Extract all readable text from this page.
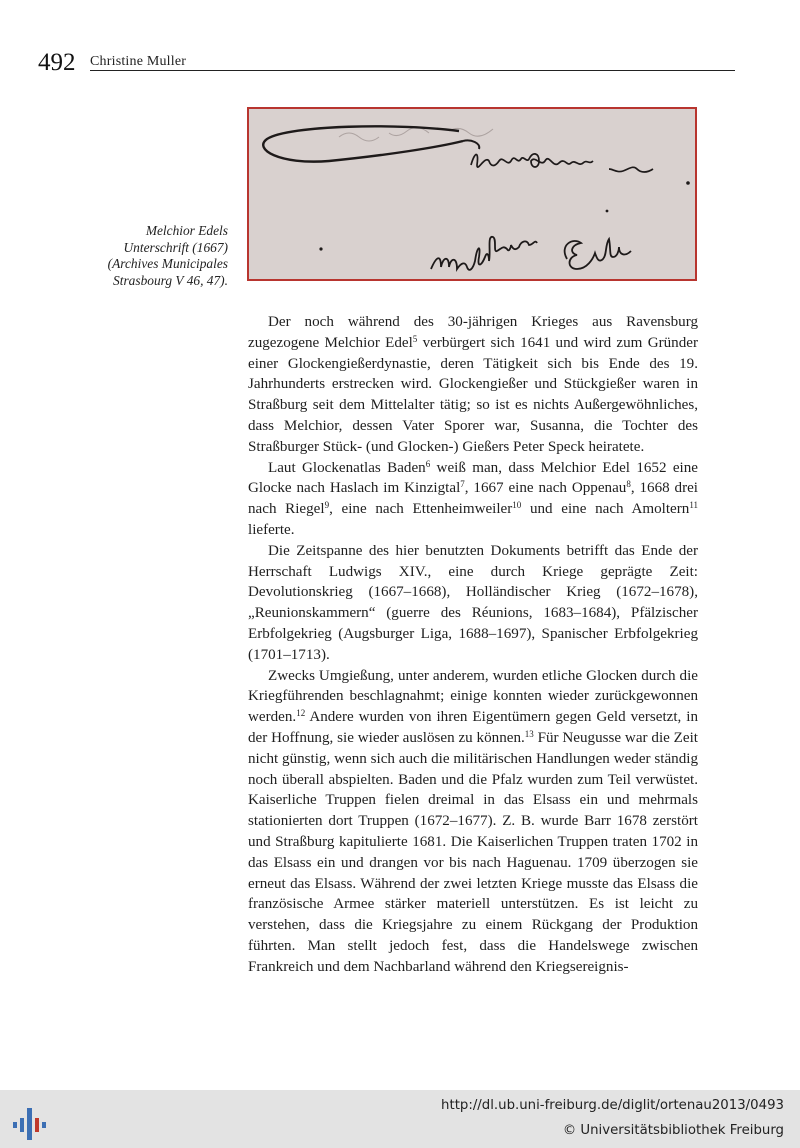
492 Christine Muller
Melchior Edels
Unterschrift (1667)
(Archives Municipales
Strasbourg V 46, 47).

Der noch während des 30-jährigen Krieges aus Ravensburg zugezogene Melchior Edel$^5$ verbürgert sich 1641 und wird zum Gründer einer Glockengießerdynastie, deren Tätigkeit sich bis Ende des 19. Jahrhunderts erstrecken wird. Glockengießer und Stückgießer waren in Straßburg seit dem Mittelalter tätig; so ist es nichts Außergewöhnliches, dass Melchior, dessen Vater Sporer war, Susanna, die Tochter des Straßburger Stück- (und Glocken-) Gießers Peter Speck heiratete.

Laut Glockenatlas Baden$^6$ weiß man, dass Melchior Edel 1652 eine Glocke nach Haslach im Kinzigtal$^7$, 1667 eine nach Oppenau$^8$, 1668 drei nach Riegel$^9$, eine nach Ettenheimweiler$^{10}$ und eine nach Amoltern$^{11}$ lieferte.

Die Zeitspanne des hier benutzten Dokuments betrifft das Ende der Herrschaft Ludwigs XIV., eine durch Kriege geprägte Zeit: Devolutionskrieg (1667–1668), Holländischer Krieg (1672–1678), „Reunionskammern“ (guerre des Réunions, 1683–1684), Pfälzischer Erbfolgekrieg (Augsburger Liga, 1688–1697), Spanischer Erbfolgekrieg (1701–1713).

Zwecks Umgießung, unter anderem, wurden etliche Glocken durch die Kriegführenden beschlagnahmt; einige konnten wieder zurückgewonnen werden.$^{12}$ Andere wurden von ihren Eigentümern gegen Geld versetzt, in der Hoffnung, sie wieder auslösen zu können.$^{13}$ Für Neugusse war die Zeit nicht günstig, wenn sich auch die militärischen Handlungen weder ständig noch überall abspielten. Baden und die Pfalz wurden zum Teil verwüstet. Kaiserliche Truppen fielen dreimal in das Elsass ein und mehrmals stationierten dort Truppen (1672–1677). Z. B. wurde Barr 1678 zerstört und Straßburg kapitulierte 1681. Die Kaiserlichen Truppen traten 1702 in das Elsass ein und drangen vor bis nach Haguenau. 1709 überzogen sie erneut das Elsass. Während der zwei letzten Kriege musste das Elsass die französische Armee stärker materiell unterstützen. Es ist leicht zu verstehen, dass die Kriegsjahre zu einem Rückgang der Produktion führten. Man stellt jedoch fest, dass die Handelswege zwischen Frankreich und dem Nachbarland während den Kriegsereignis-

http://dl.ub.uni-freiburg.de/diglit/ortenau2013/0493
© Universitätsbibliothek Freiburg
